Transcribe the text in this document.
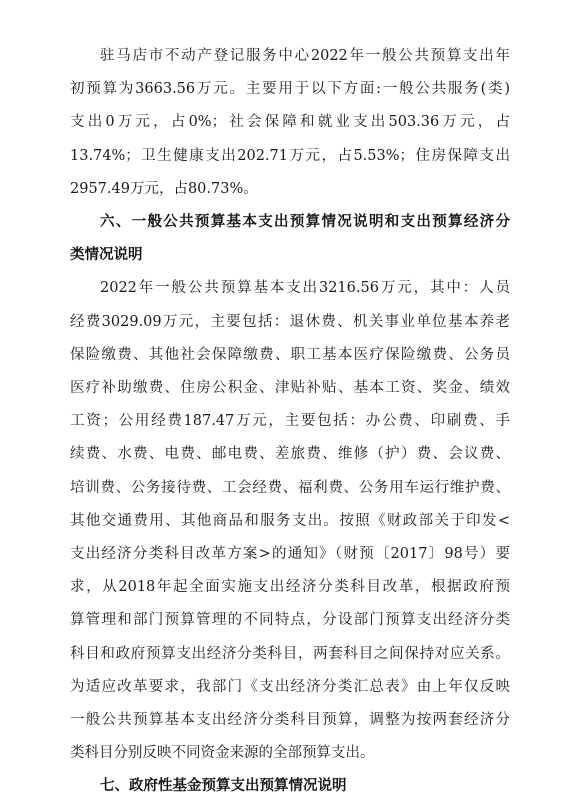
驻马店市不动产登记服务中心2022年一般公共预算支出年
初预算为3663.56万元。主要用于以下方面:一般公共服务(类)
支出0万元，占0%；社会保障和就业支出503.36万元，占
13.74%；卫生健康支出202.71万元，占5.53%；住房保障支出
2957.49万元，占80.73%。
六、一般公共预算基本支出预算情况说明和支出预算经济分
类情况说明
2022年一般公共预算基本支出3216.56万元，其中：人员
经费3029.09万元，主要包括：退休费、机关事业单位基本养老
保险缴费、其他社会保障缴费、职工基本医疗保险缴费、公务员
医疗补助缴费、住房公积金、津贴补贴、基本工资、奖金、绩效
工资；公用经费187.47万元，主要包括：办公费、印刷费、手
续费、水费、电费、邮电费、差旅费、维修（护）费、会议费、
培训费、公务接待费、工会经费、福利费、公务用车运行维护费、
其他交通费用、其他商品和服务支出。按照《财政部关于印发<
支出经济分类科目改革方案>的通知》（财预〔2017〕98号）要
求，从2018年起全面实施支出经济分类科目改革，根据政府预
算管理和部门预算管理的不同特点，分设部门预算支出经济分类
科目和政府预算支出经济分类科目，两套科目之间保持对应关系。
为适应改革要求，我部门《支出经济分类汇总表》由上年仅反映
一般公共预算基本支出经济分类科目预算，调整为按两套经济分
类科目分别反映不同资金来源的全部预算支出。
七、政府性基金预算支出预算情况说明
